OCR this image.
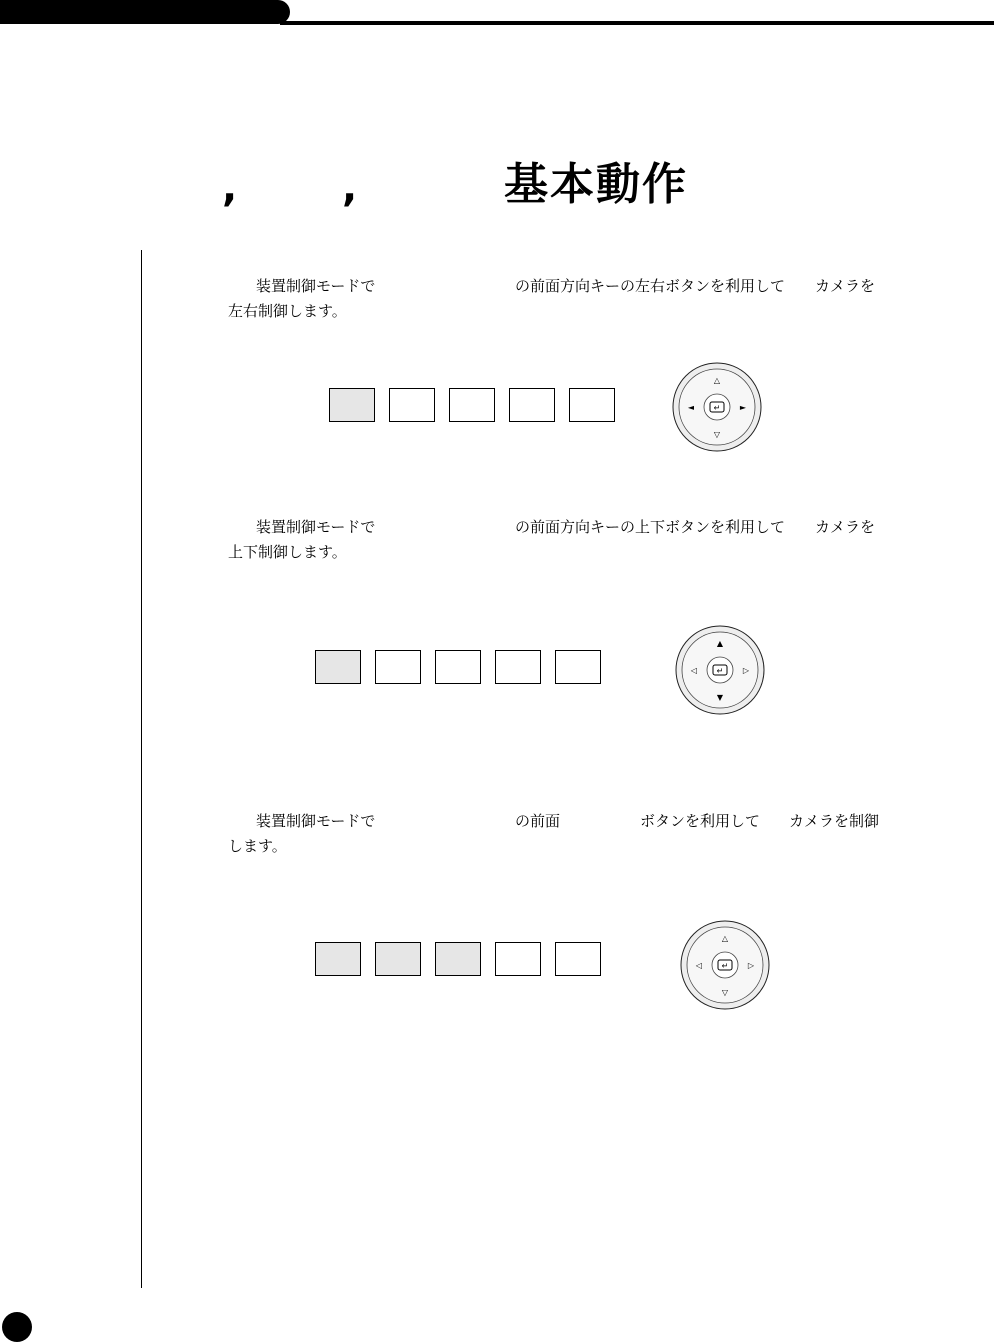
,	,	基本動作
装置制御モードで	の前面方向キーの左右ボタンを利用して カメラを
左右制御します。
△
▽
◄	►
↵
装置制御モードで	の前面方向キーの上下ボタンを利用して カメラを
上下制御します。
▲
▼
◁	▷
↵
装置制御モードで	の前面	ボタンを利用して カメラを制御
します。
△
▽
◁	▷
↵
